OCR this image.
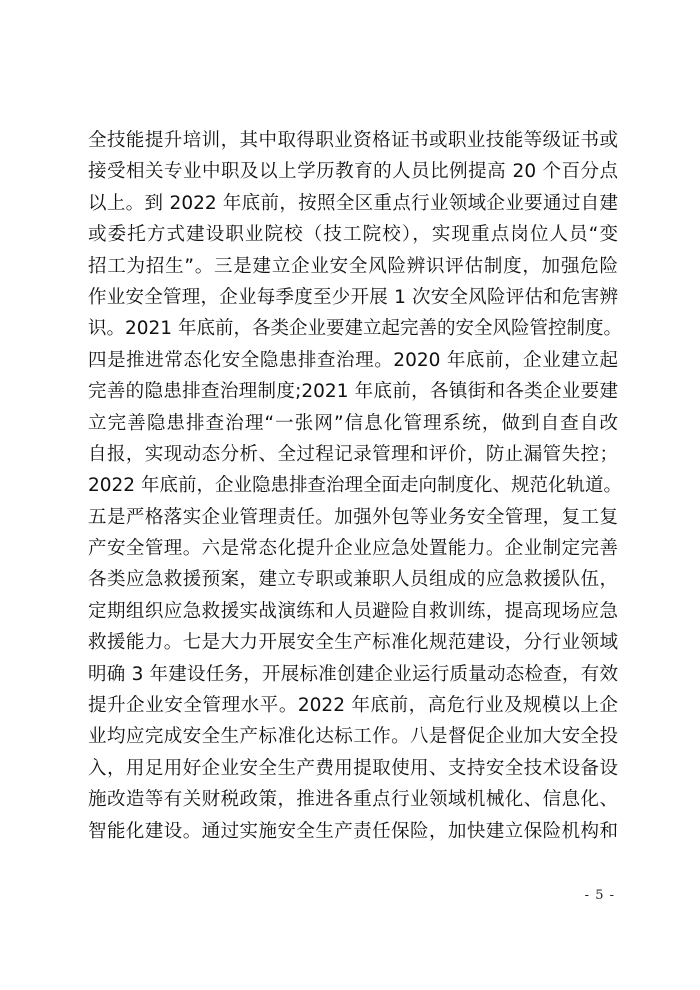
全技能提升培训，其中取得职业资格证书或职业技能等级证书或
接受相关专业中职及以上学历教育的人员比例提高 20 个百分点
以上。到 2022 年底前，按照全区重点行业领域企业要通过自建
或委托方式建设职业院校（技工院校），实现重点岗位人员“变
招工为招生”。三是建立企业安全风险辨识评估制度，加强危险
作业安全管理，企业每季度至少开展 1 次安全风险评估和危害辨
识。2021 年底前，各类企业要建立起完善的安全风险管控制度。
四是推进常态化安全隐患排查治理。2020 年底前，企业建立起
完善的隐患排查治理制度;2021 年底前，各镇街和各类企业要建
立完善隐患排查治理“一张网”信息化管理系统，做到自查自改
自报，实现动态分析、全过程记录管理和评价，防止漏管失控；
2022 年底前，企业隐患排查治理全面走向制度化、规范化轨道。
五是严格落实企业管理责任。加强外包等业务安全管理，复工复
产安全管理。六是常态化提升企业应急处置能力。企业制定完善
各类应急救援预案，建立专职或兼职人员组成的应急救援队伍，
定期组织应急救援实战演练和人员避险自救训练，提高现场应急
救援能力。七是大力开展安全生产标准化规范建设，分行业领域
明确 3 年建设任务，开展标准创建企业运行质量动态检查，有效
提升企业安全管理水平。2022 年底前，高危行业及规模以上企
业均应完成安全生产标准化达标工作。八是督促企业加大安全投
入，用足用好企业安全生产费用提取使用、支持安全技术设备设
施改造等有关财税政策，推进各重点行业领域机械化、信息化、
智能化建设。通过实施安全生产责任保险，加快建立保险机构和
- 5 -
